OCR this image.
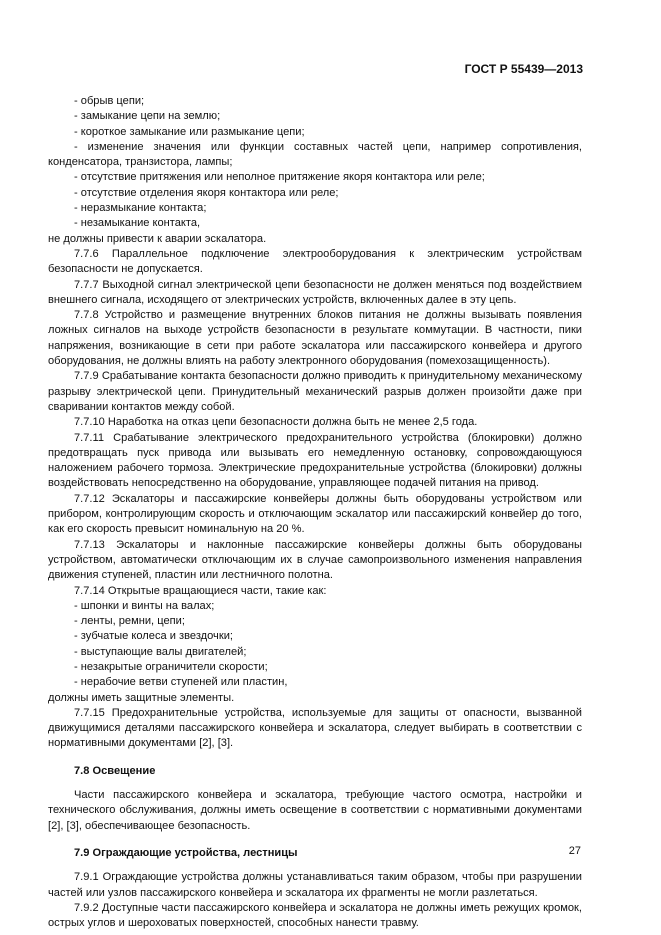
ГОСТ Р 55439—2013

- обрыв цепи;

- замыкание цепи на землю;

- короткое замыкание или размыкание цепи;

- изменение значения или функции составных частей цепи, например сопротивления, конденсатора, транзистора, лампы;

- отсутствие притяжения или неполное притяжение якоря контактора или реле;

- отсутствие отделения якоря контактора или реле;

- неразмыкание контакта;

- незамыкание контакта,

не должны привести к аварии эскалатора.

7.7.6 Параллельное подключение электрооборудования к электрическим устройствам безопасности не допускается.

7.7.7 Выходной сигнал электрической цепи безопасности не должен меняться под воздействием внешнего сигнала, исходящего от электрических устройств, включенных далее в эту цепь.

7.7.8 Устройство и размещение внутренних блоков питания не должны вызывать появления ложных сигналов на выходе устройств безопасности в результате коммутации. В частности, пики напряжения, возникающие в сети при работе эскалатора или пассажирского конвейера и другого оборудования, не должны влиять на работу электронного оборудования (помехозащищенность).

7.7.9 Срабатывание контакта безопасности должно приводить к принудительному механическому разрыву электрической цепи. Принудительный механический разрыв должен произойти даже при сваривании контактов между собой.

7.7.10 Наработка на отказ цепи безопасности должна быть не менее 2,5 года.

7.7.11 Срабатывание электрического предохранительного устройства (блокировки) должно предотвращать пуск привода или вызывать его немедленную остановку, сопровождающуюся наложением рабочего тормоза. Электрические предохранительные устройства (блокировки) должны воздействовать непосредственно на оборудование, управляющее подачей питания на привод.

7.7.12 Эскалаторы и пассажирские конвейеры должны быть оборудованы устройством или прибором, контролирующим скорость и отключающим эскалатор или пассажирский конвейер до того, как его скорость превысит номинальную на 20 %.

7.7.13 Эскалаторы и наклонные пассажирские конвейеры должны быть оборудованы устройством, автоматически отключающим их в случае самопроизвольного изменения направления движения ступеней, пластин или лестничного полотна.

7.7.14 Открытые вращающиеся части, такие как:

- шпонки и винты на валах;

- ленты, ремни, цепи;

- зубчатые колеса и звездочки;

- выступающие валы двигателей;

- незакрытые ограничители скорости;

- нерабочие ветви ступеней или пластин,

должны иметь защитные элементы.

7.7.15 Предохранительные устройства, используемые для защиты от опасности, вызванной движущимися деталями пассажирского конвейера и эскалатора, следует выбирать в соответствии с нормативными документами [2], [3].

7.8 Освещение

Части пассажирского конвейера и эскалатора, требующие частого осмотра, настройки и технического обслуживания, должны иметь освещение в соответствии с нормативными документами [2], [3], обеспечивающее безопасность.

7.9 Ограждающие устройства, лестницы

7.9.1 Ограждающие устройства должны устанавливаться таким образом, чтобы при разрушении частей или узлов пассажирского конвейера и эскалатора их фрагменты не могли разлетаться.

7.9.2 Доступные части пассажирского конвейера и эскалатора не должны иметь режущих кромок, острых углов и шероховатых поверхностей, способных нанести травму.

27
